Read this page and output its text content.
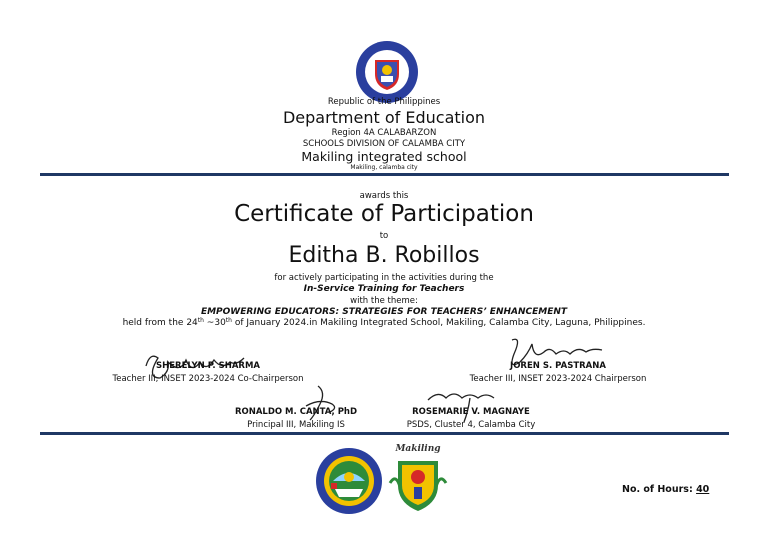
Republic of the Philippines
Department of Education
Region 4A CALABARZON
SCHOOLS DIVISION OF CALAMBA CITY
Makiling integrated school
Makiling, calamba city
awards this
Certificate of Participation
to
Editha B. Robillos
for actively participating in the activities during the
In-Service Training for Teachers
with the theme:
EMPOWERING EDUCATORS: STRATEGIES FOR TEACHERS’ ENHANCEMENT
held from the 24th ~30th of January 2024.in Makiling Integrated School, Makiling, Calamba City, Laguna, Philippines.
SHERELYN P. SHARMA
Teacher III, INSET 2023-2024 Co-Chairperson
JOREN S. PASTRANA
Teacher III, INSET 2023-2024 Chairperson
RONALDO M. CANTA, PhD
Principal III, Makiling IS
ROSEMARIE V. MAGNAYE
PSDS, Cluster 4, Calamba City
Makiling
No. of Hours: 40
